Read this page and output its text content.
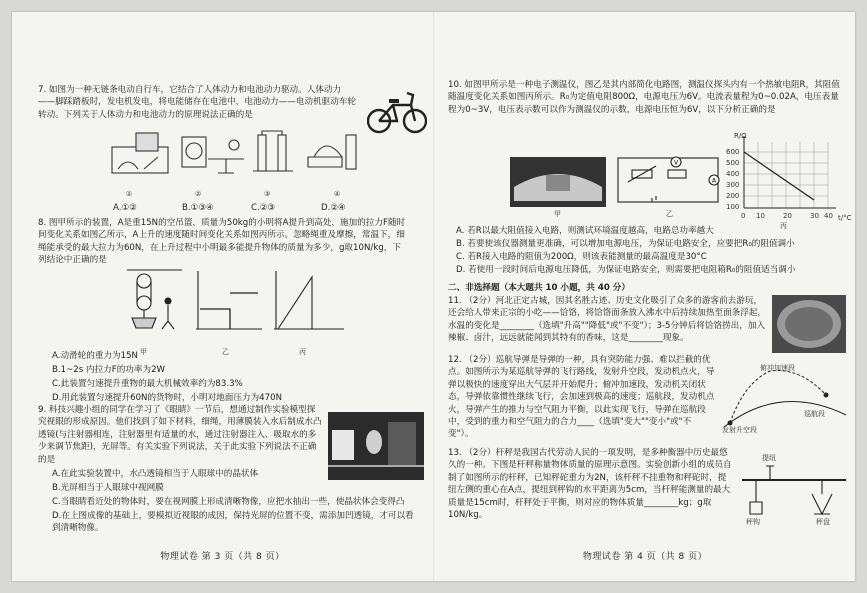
7. 如图为一种无链条电动自行车，它结合了人体动力和电池动力驱动。人体动力——脚踩踏板时，发电机发电，将电能储存在电池中，电池动力——电动机驱动车轮转动。下列关于人体动力和电池动力的原理说法正确的是
①	②	③	④
A.①②	B.①③④	C.②③	D.②④
8. 图甲所示的装置，A是重15N的空吊篮，质量为50kg的小明将A提升到高处，施加的拉力F随时间变化关系如图乙所示，A上升的速度随时间变化关系如图丙所示。忽略绳重及摩擦，常温下，细绳能承受的最大拉力为60N，在上升过程中小明最多能提升物体的质量为多少，g取10N/kg，下列结论中正确的是
甲	乙	丙
A.动滑轮的重力为15N
B.1~2s 内拉力F的功率为2W
C.此装置匀速提升重物的最大机械效率约为83.3%
D.用此装置匀速提升60N的货物时，小明对地面压力为470N
9. 科技兴趣小组的同学在学习了《眼睛》一节后，想通过制作实验模型探究视眼的形成原因。他们找到了如下材料，细绳，用薄膜装入水后制成水凸透镜(与注射器相连，注射器里有适量的水，通过注射器注入、吸取水的多少来调节焦距)，光屏等。有关实验下列说法，关于此实验下列说法不正确的是
A.在此实验装置中，水凸透镜相当于人眼球中的晶状体
B.光屏相当于人眼球中视网膜
C.当眼睛看近处的物体时，要在视网膜上形成清晰物像，应把水抽出一些，使晶状体会变得凸
D.在上图成像的基础上，要模拟近视眼的成因，保持光屏的位置不变，需添加凹透镜，才可以看到清晰物像。
物理试卷 第 3 页（共 8 页）
10. 如图甲所示是一种电子测温仪，图乙是其内部简化电路图，测温仪探头内有一个热敏电阻R，其阻值随温度变化关系如图丙所示。R₀为定值电阻800Ω，电源电压为6V。电流表量程为0~0.02A，电压表量程为0~3V，电压表示数可以作为测温仪的示数，电源电压恒为6V，以下分析正确的是
V
A
R/Ω
t/°C
600
500
400
300
200
100
0 10	20	30 40
甲	乙
丙
A. 若R以最大阻值接入电路，则测试环境温度越高，电路总功率越大
B. 若要使该仪器测量更准确，可以增加电源电压，为保证电路安全，应要把R₀的阻值调小
C. 若R接入电路的阻值为200Ω，则该表能测量的最高温度是30°C
D. 若使用一段时间后电源电压降低，为保证电路安全，则需要把电阻箱R₀的阻值适当调小
二、非选择题（本大题共 10 小题，共 40 分）
11. （2分）河北正定古城，因其名胜古迹、历史文化吸引了众多的游客前去游玩，还会给人带来正宗的小吃——饸饹，将饸饹面条放入沸水中后持续加热至面条浮起，水温的变化是________（选填"升高""降低"或"不变"）；3-5分钟后将饸饹捞出，加入辣椒、卤汁，远远就能闻到其特有的香味，这是________现象。
12. （2分）巡航导弹是导弹的一种，具有突防能力强、难以拦截的优点。如图所示为某巡航导弹的飞行路线，发射升空段，发动机点火，导弹以极快的速度穿出大气层并开始爬升；俯冲加速段，发动机关闭状态，导弹依靠惯性继续飞行，会加速到极高的速度；巡航段，发动机点火，导弹产生的推力与空气阻力平衡，以此实现飞行，导弹在巡航段中，受到的重力和空气阻力的合力____（选填"变大""变小"或"不变"）。	发射升空段
俯冲加速段
巡航段
13. （2分）杆秤是我国古代劳动人民的一项发明，是多种衡器中历史最悠久的一种。下图是杆秤称量物体质量的原理示意图。实验创新小组的成员自制了如图所示的杆秤，已知秤砣重力为2N，该杆秤不挂重物和秤砣时，提纽左侧的重心在A点，提纽到秤钩的水平距离为5cm，当杆秤能测量的最大质量是15cm时，杆秤处于平衡，则对应的物体质量________kg；g取10N/kg。
提纽
秤钩	秤盘
物理试卷 第 4 页（共 8 页）
